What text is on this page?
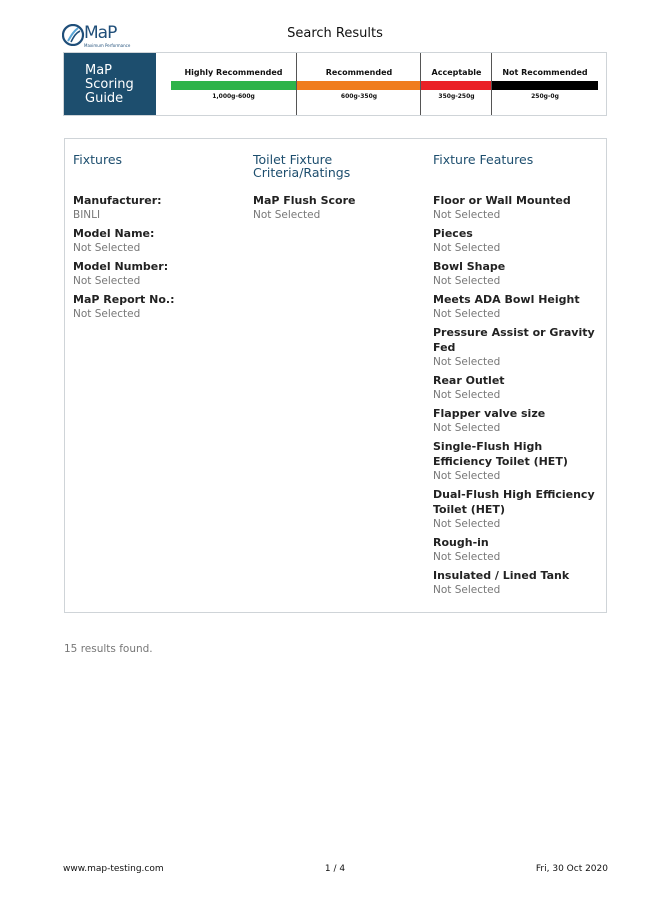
MaP
Maximum Performance
Search Results
MaP
Scoring
Guide
Highly Recommended
1,000g-600g
Recommended
600g-350g
Acceptable
350g-250g
Not Recommended
250g-0g
Fixtures
Manufacturer:
BINLI
Model Name:
Not Selected
Model Number:
Not Selected
MaP Report No.:
Not Selected
Toilet Fixture
Criteria/Ratings
MaP Flush Score
Not Selected
Fixture Features
Floor or Wall Mounted
Not Selected
Pieces
Not Selected
Bowl Shape
Not Selected
Meets ADA Bowl Height
Not Selected
Pressure Assist or Gravity Fed
Not Selected
Rear Outlet
Not Selected
Flapper valve size
Not Selected
Single-Flush High Efficiency Toilet (HET)
Not Selected
Dual-Flush High Efficiency Toilet (HET)
Not Selected
Rough-in
Not Selected
Insulated / Lined Tank
Not Selected
15 results found.
www.map-testing.com	1 / 4	Fri, 30 Oct 2020
